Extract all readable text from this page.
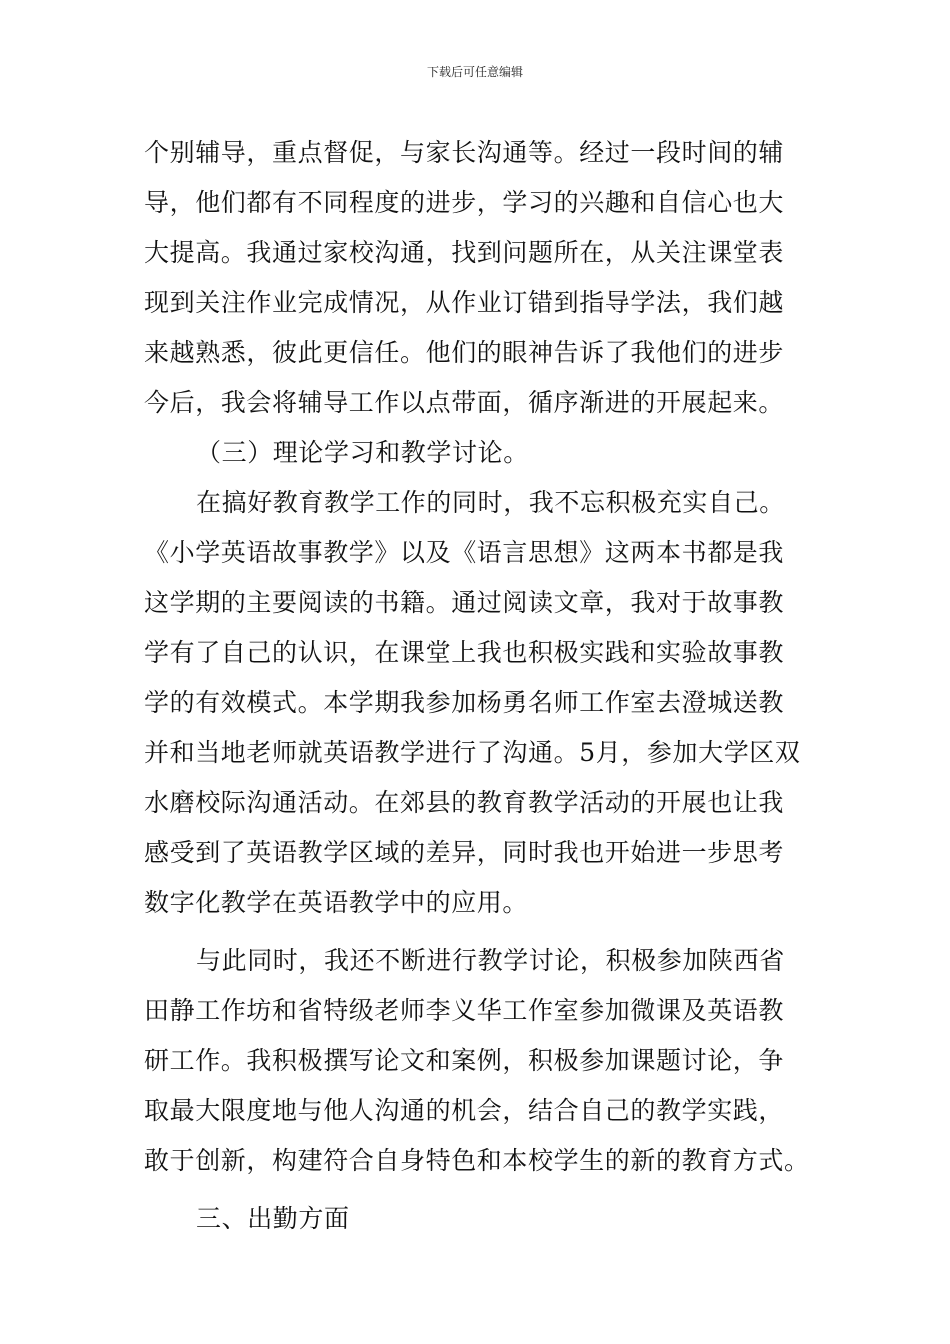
下载后可任意编辑
个别辅导，重点督促，与家长沟通等。经过一段时间的辅
导，他们都有不同程度的进步，学习的兴趣和自信心也大
大提高。我通过家校沟通，找到问题所在，从关注课堂表
现到关注作业完成情况，从作业订错到指导学法，我们越
来越熟悉，彼此更信任。他们的眼神告诉了我他们的进步
今后，我会将辅导工作以点带面，循序渐进的开展起来。
（三）理论学习和教学讨论。
在搞好教育教学工作的同时，我不忘积极充实自己。
《小学英语故事教学》以及《语言思想》这两本书都是我
这学期的主要阅读的书籍。通过阅读文章，我对于故事教
学有了自己的认识，在课堂上我也积极实践和实验故事教
学的有效模式。本学期我参加杨勇名师工作室去澄城送教
并和当地老师就英语教学进行了沟通。5月，参加大学区双
水磨校际沟通活动。在郊县的教育教学活动的开展也让我
感受到了英语教学区域的差异，同时我也开始进一步思考
数字化教学在英语教学中的应用。
与此同时，我还不断进行教学讨论，积极参加陕西省
田静工作坊和省特级老师李义华工作室参加微课及英语教
研工作。我积极撰写论文和案例，积极参加课题讨论，争
取最大限度地与他人沟通的机会，结合自己的教学实践，
敢于创新，构建符合自身特色和本校学生的新的教育方式。
三、出勤方面
